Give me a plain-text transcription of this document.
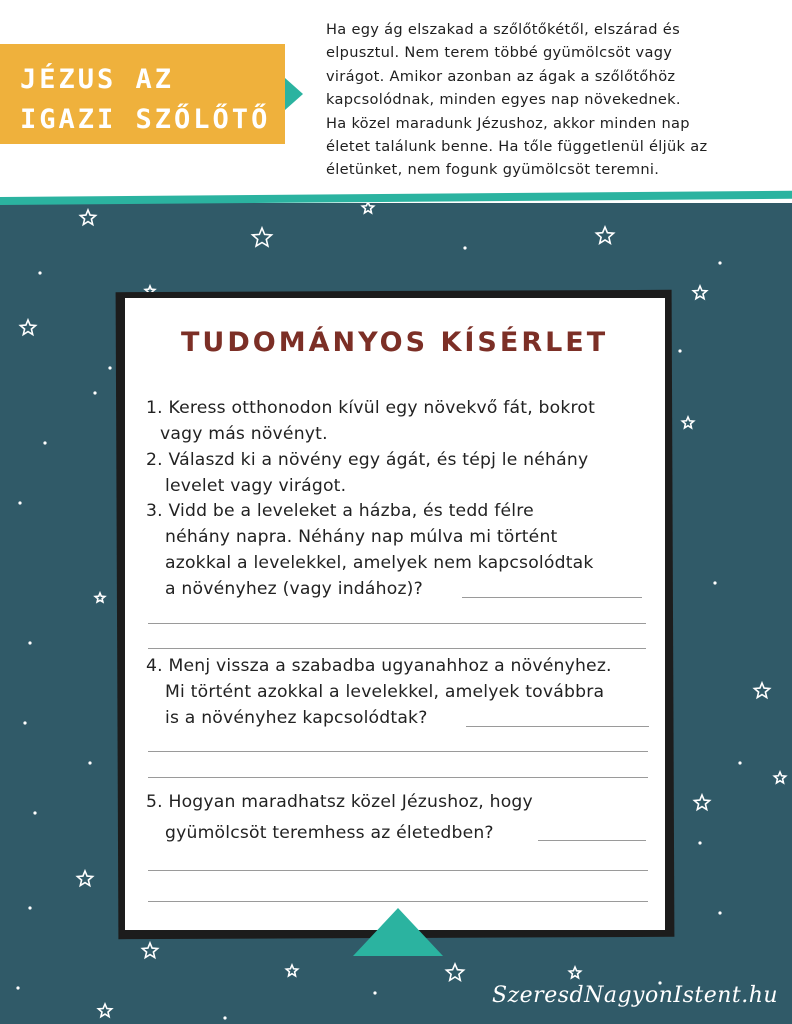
JÉZUS AZ
IGAZI SZŐLŐTŐ
Ha egy ág elszakad a szőlőtőkétől, elszárad és
elpusztul. Nem terem többé gyümölcsöt vagy
virágot. Amikor azonban az ágak a szőlőtőhöz
kapcsolódnak, minden egyes nap növekednek.
Ha közel maradunk Jézushoz, akkor minden nap
életet találunk benne. Ha tőle függetlenül éljük az
életünket, nem fogunk gyümölcsöt teremni.
TUDOMÁNYOS KÍSÉRLET
1. Keress otthonodon kívül egy növekvő fát, bokrot
vagy más növényt.
2. Válaszd ki a növény egy ágát, és tépj le néhány
levelet vagy virágot.
3. Vidd be a leveleket a házba, és tedd félre
néhány napra. Néhány nap múlva mi történt
azokkal a levelekkel, amelyek nem kapcsolódtak
a növényhez (vagy indához)?
4. Menj vissza a szabadba ugyanahhoz a növényhez.
Mi történt azokkal a levelekkel, amelyek továbbra
is a növényhez kapcsolódtak?
5. Hogyan maradhatsz közel Jézushoz, hogy
gyümölcsöt teremhess az életedben?
SzeresdNagyonIstent.hu
